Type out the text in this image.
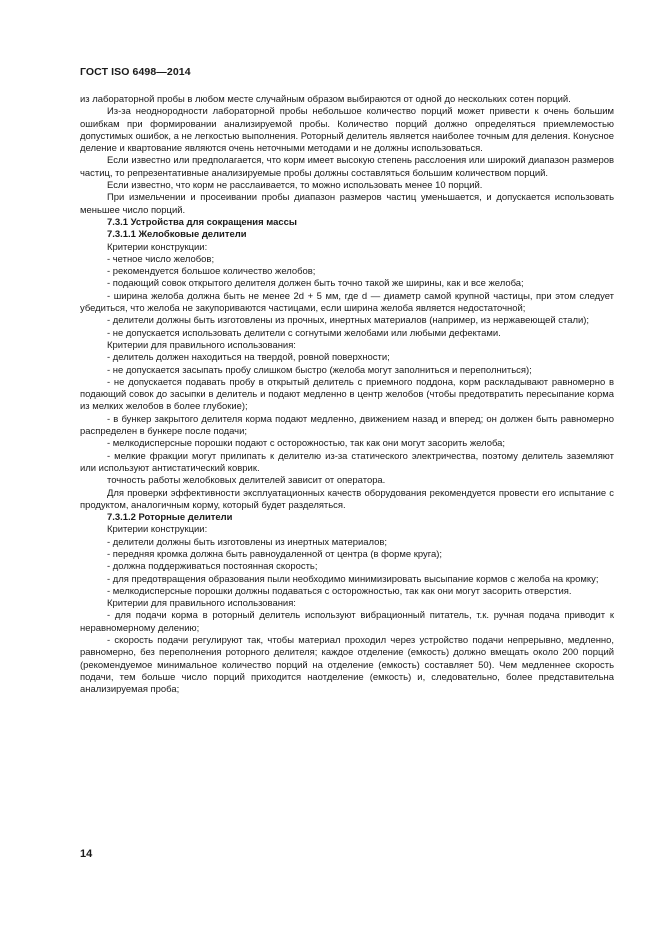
ГОСТ ISO 6498—2014

из лабораторной пробы в любом месте случайным образом выбираются от одной до нескольких сотен порций.

Из-за неоднородности лабораторной пробы небольшое количество порций может привести к очень большим ошибкам при формировании анализируемой пробы. Количество порций должно определяться приемлемостью допустимых ошибок, а не легкостью выполнения. Роторный делитель является наиболее точным для деления. Конусное деление и квартование являются очень неточными методами и не должны использоваться.

Если известно или предполагается, что корм имеет высокую степень расслоения или широкий диапазон размеров частиц, то репрезентативные анализируемые пробы должны составляться большим количеством порций.

Если известно, что корм не расслаивается, то можно использовать менее 10 порций.

При измельчении и просеивании пробы диапазон размеров частиц уменьшается, и допускается использовать меньшее число порций.

7.3.1 Устройства для сокращения массы

7.3.1.1 Желобковые делители

Критерии конструкции:

- четное число желобов;

- рекомендуется большое количество желобов;

- подающий совок открытого делителя должен быть точно такой же ширины, как и все желоба;

- ширина желоба должна быть не менее 2d + 5 мм, где d — диаметр самой крупной частицы, при этом следует убедиться, что желоба не закупориваются частицами, если ширина желоба является недостаточной;

- делители должны быть изготовлены из прочных, инертных материалов (например, из нержавеющей стали);

- не допускается использовать делители с согнутыми желобами или любыми дефектами.

Критерии для правильного использования:

- делитель должен находиться на твердой, ровной поверхности;

- не допускается засыпать пробу слишком быстро (желоба могут заполниться и переполниться);

- не допускается подавать пробу в открытый делитель с приемного поддона, корм раскладывают равномерно в подающий совок до засыпки в делитель и подают медленно в центр желобов (чтобы предотвратить пересыпание корма из мелких желобов в более глубокие);

- в бункер закрытого делителя корма подают медленно, движением назад и вперед; он должен быть равномерно распределен в бункере после подачи;

- мелкодисперсные порошки подают с осторожностью, так как они могут засорить желоба;

- мелкие фракции могут прилипать к делителю из-за статического электричества, поэтому делитель заземляют или используют антистатический коврик.

точность работы желобковых делителей зависит от оператора.

Для проверки эффективности эксплуатационных качеств оборудования рекомендуется провести его испытание с продуктом, аналогичным корму, который будет разделяться.

7.3.1.2 Роторные делители

Критерии конструкции:

- делители должны быть изготовлены из инертных материалов;

- передняя кромка должна быть равноудаленной от центра (в форме круга);

- должна поддерживаться постоянная скорость;

- для предотвращения образования пыли необходимо минимизировать высыпание кормов с желоба на кромку;

- мелкодисперсные порошки должны подаваться с осторожностью, так как они могут засорить отверстия.

Критерии для правильного использования:

- для подачи корма в роторный делитель используют вибрационный питатель, т.к. ручная подача приводит к неравномерному делению;

- скорость подачи регулируют так, чтобы материал проходил через устройство подачи непрерывно, медленно, равномерно, без переполнения роторного делителя; каждое отделение (емкость) должно вмещать около 200 порций (рекомендуемое минимальное количество порций на отделение (емкость) составляет 50). Чем медленнее скорость подачи, тем больше число порций приходится наотделение (емкость) и, следовательно, более представительна анализируемая проба;

14
